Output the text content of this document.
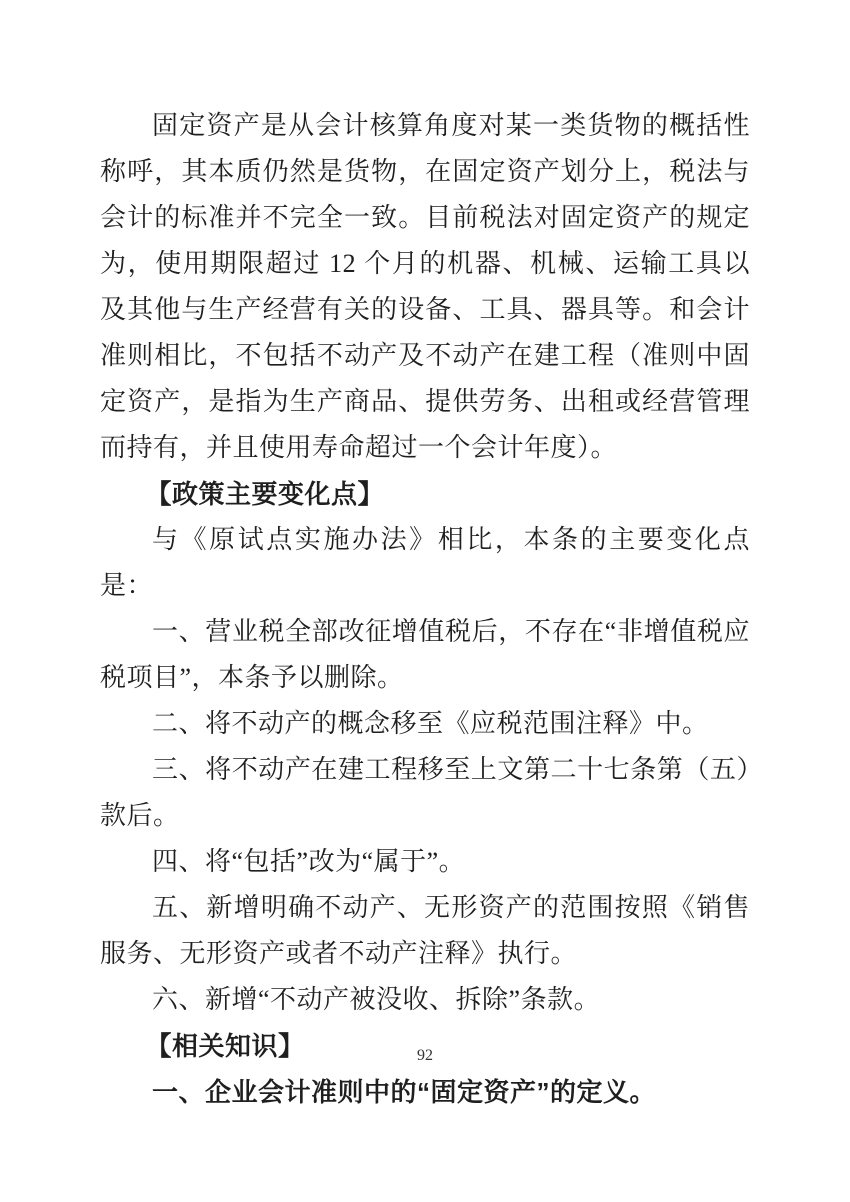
固定资产是从会计核算角度对某一类货物的概括性称呼，其本质仍然是货物，在固定资产划分上，税法与会计的标准并不完全一致。目前税法对固定资产的规定为，使用期限超过 12 个月的机器、机械、运输工具以及其他与生产经营有关的设备、工具、器具等。和会计准则相比，不包括不动产及不动产在建工程（准则中固定资产，是指为生产商品、提供劳务、出租或经营管理而持有，并且使用寿命超过一个会计年度）。

【政策主要变化点】

与《原试点实施办法》相比，本条的主要变化点是：

一、营业税全部改征增值税后，不存在“非增值税应税项目”，本条予以删除。

二、将不动产的概念移至《应税范围注释》中。

三、将不动产在建工程移至上文第二十七条第（五）款后。

四、将“包括”改为“属于”。

五、新增明确不动产、无形资产的范围按照《销售服务、无形资产或者不动产注释》执行。

六、新增“不动产被没收、拆除”条款。

【相关知识】

一、企业会计准则中的“固定资产”的定义。

92
